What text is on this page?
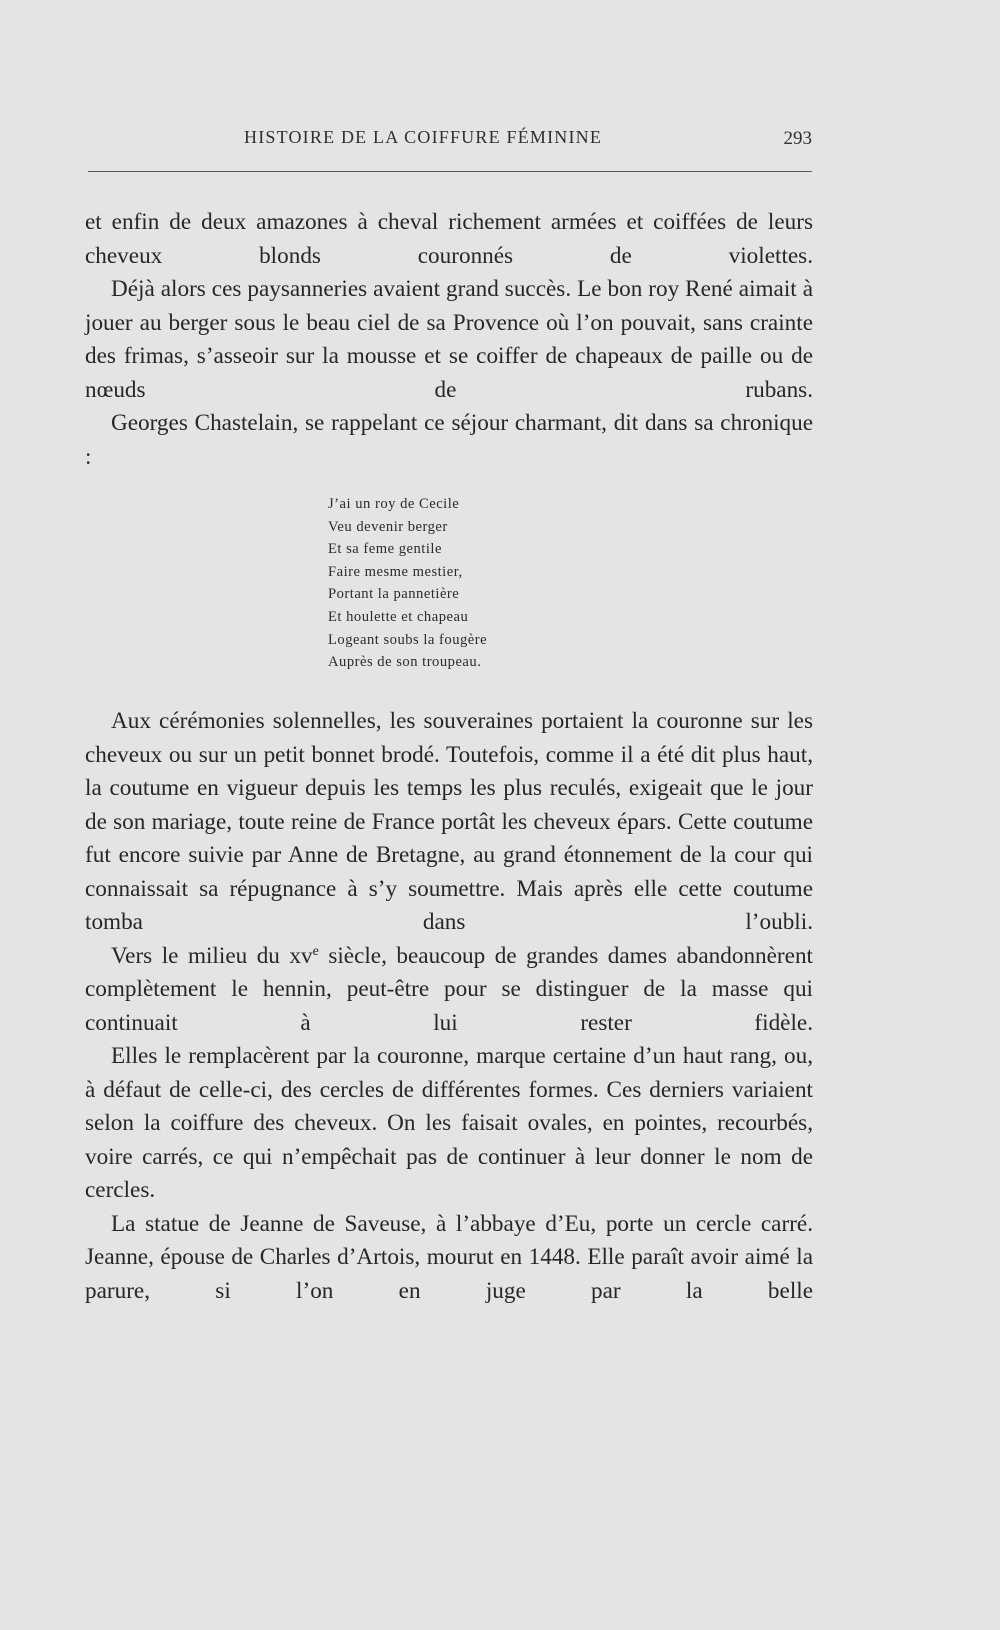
HISTOIRE DE LA COIFFURE FÉMININE	293

et enfin de deux amazones à cheval richement armées et coiffées de leurs cheveux blonds couronnés de violettes.

Déjà alors ces paysanneries avaient grand succès. Le bon roy René aimait à jouer au berger sous le beau ciel de sa Provence où l’on pouvait, sans crainte des frimas, s’asseoir sur la mousse et se coiffer de chapeaux de paille ou de nœuds de rubans.

Georges Chastelain, se rappelant ce séjour charmant, dit dans sa chronique :

J’ai un roy de Cecile
Veu devenir berger
Et sa feme gentile
Faire mesme mestier,
Portant la pannetière
Et houlette et chapeau
Logeant soubs la fougère
Auprès de son troupeau.

Aux cérémonies solennelles, les souveraines portaient la couronne sur les cheveux ou sur un petit bonnet brodé. Toutefois, comme il a été dit plus haut, la coutume en vigueur depuis les temps les plus reculés, exigeait que le jour de son mariage, toute reine de France portât les cheveux épars. Cette coutume fut encore suivie par Anne de Bretagne, au grand étonnement de la cour qui connaissait sa répugnance à s’y soumettre. Mais après elle cette coutume tomba dans l’oubli.

Vers le milieu du $xv^e$ siècle, beaucoup de grandes dames abandonnèrent complètement le hennin, peut-être pour se distinguer de la masse qui continuait à lui rester fidèle.

Elles le remplacèrent par la couronne, marque certaine d’un haut rang, ou, à défaut de celle-ci, des cercles de différentes formes. Ces derniers variaient selon la coiffure des cheveux. On les faisait ovales, en pointes, recourbés, voire carrés, ce qui n’empêchait pas de continuer à leur donner le nom de cercles.

La statue de Jeanne de Saveuse, à l’abbaye d’Eu, porte un cercle carré. Jeanne, épouse de Charles d’Artois, mourut en 1448. Elle paraît avoir aimé la parure, si l’on en juge par la belle
